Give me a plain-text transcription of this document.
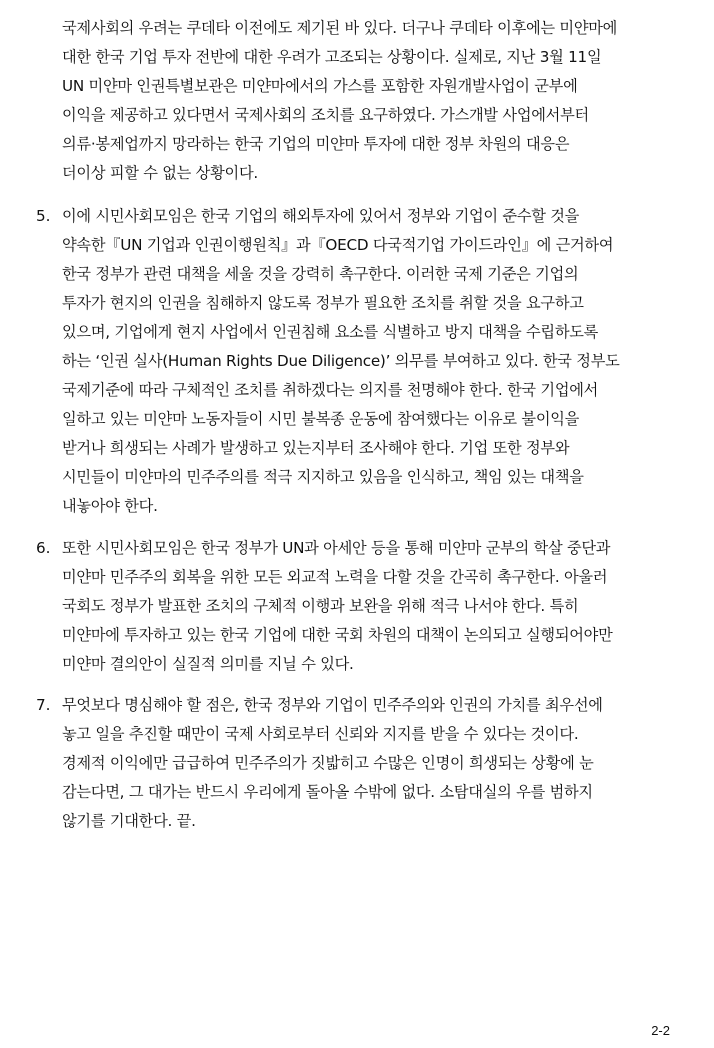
국제사회의 우려는 쿠데타 이전에도 제기된 바 있다. 더구나 쿠데타 이후에는 미얀마에
대한 한국 기업 투자 전반에 대한 우려가 고조되는 상황이다. 실제로, 지난 3월 11일
UN 미얀마 인권특별보관은 미얀마에서의 가스를 포함한 자원개발사업이 군부에
이익을 제공하고 있다면서 국제사회의 조치를 요구하였다. 가스개발 사업에서부터
의류·봉제업까지 망라하는 한국 기업의 미얀마 투자에 대한 정부 차원의 대응은
더이상 피할 수 없는 상황이다.
5. 이에 시민사회모임은 한국 기업의 해외투자에 있어서 정부와 기업이 준수할 것을
약속한『UN 기업과 인권이행원칙』과『OECD 다국적기업 가이드라인』에 근거하여
한국 정부가 관련 대책을 세울 것을 강력히 촉구한다. 이러한 국제 기준은 기업의
투자가 현지의 인권을 침해하지 않도록 정부가 필요한 조치를 취할 것을 요구하고
있으며, 기업에게 현지 사업에서 인권침해 요소를 식별하고 방지 대책을 수립하도록
하는 ‘인권 실사(Human Rights Due Diligence)’ 의무를 부여하고 있다. 한국 정부도
국제기준에 따라 구체적인 조치를 취하겠다는 의지를 천명해야 한다. 한국 기업에서
일하고 있는 미얀마 노동자들이 시민 불복종 운동에 참여했다는 이유로 불이익을
받거나 희생되는 사례가 발생하고 있는지부터 조사해야 한다. 기업 또한 정부와
시민들이 미얀마의 민주주의를 적극 지지하고 있음을 인식하고, 책임 있는 대책을
내놓아야 한다.
6. 또한 시민사회모임은 한국 정부가 UN과 아세안 등을 통해 미얀마 군부의 학살 중단과
미얀마 민주주의 회복을 위한 모든 외교적 노력을 다할 것을 간곡히 촉구한다. 아울러
국회도 정부가 발표한 조치의 구체적 이행과 보완을 위해 적극 나서야 한다. 특히
미얀마에 투자하고 있는 한국 기업에 대한 국회 차원의 대책이 논의되고 실행되어야만
미얀마 결의안이 실질적 의미를 지닐 수 있다.
7. 무엇보다 명심해야 할 점은, 한국 정부와 기업이 민주주의와 인권의 가치를 최우선에
놓고 일을 추진할 때만이 국제 사회로부터 신뢰와 지지를 받을 수 있다는 것이다.
경제적 이익에만 급급하여 민주주의가 짓밟히고 수많은 인명이 희생되는 상황에 눈
감는다면, 그 대가는 반드시 우리에게 돌아올 수밖에 없다. 소탐대실의 우를 범하지
않기를 기대한다. 끝.
2-2
